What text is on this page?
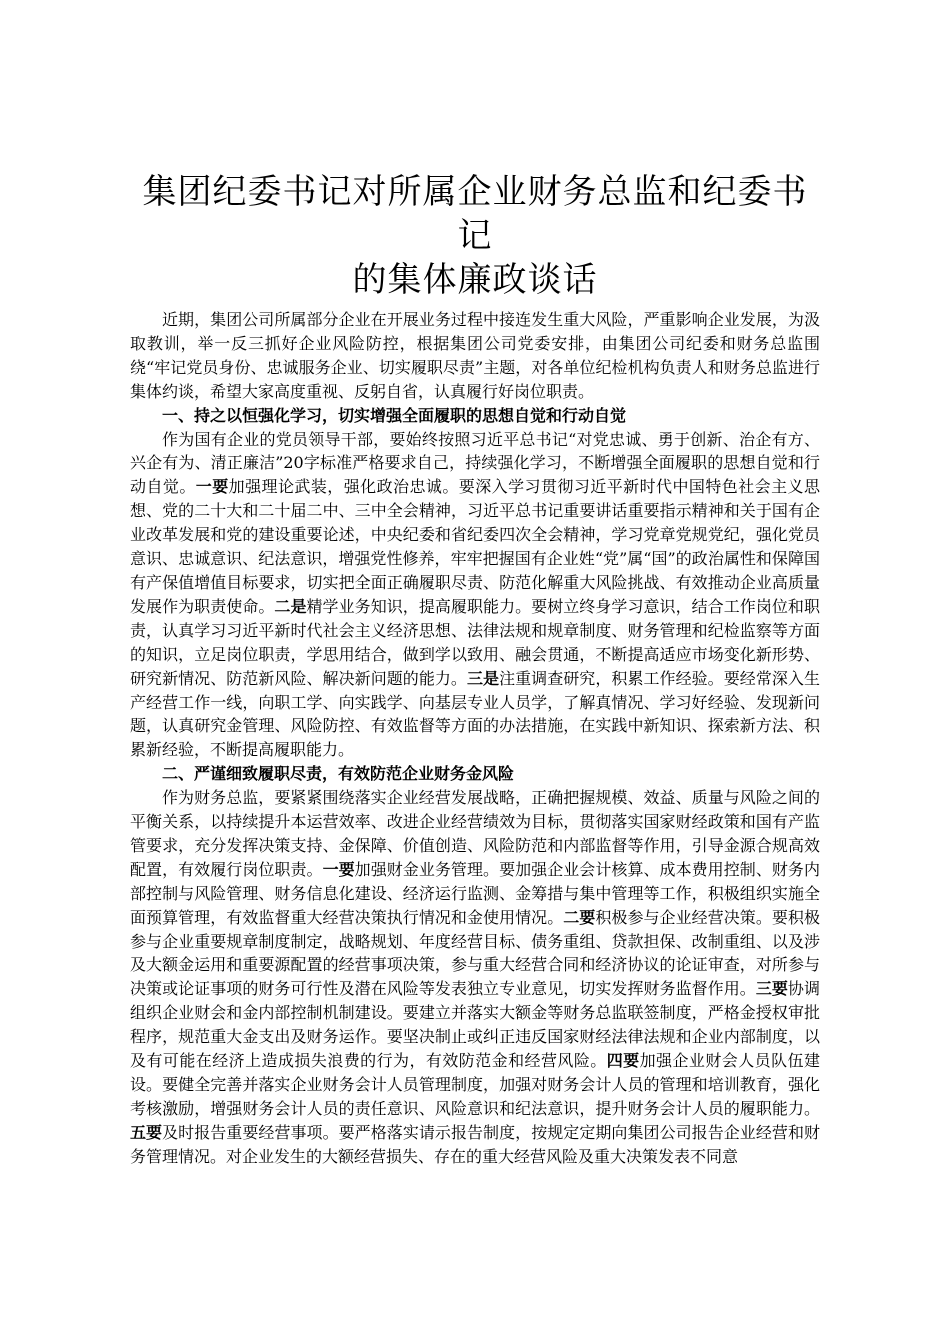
集团纪委书记对所属企业财务总监和纪委书记
的集体廉政谈话

近期，集团公司所属部分企业在开展业务过程中接连发生重大风险，严重影响企业发展，为汲取教训，举一反三抓好企业风险防控，根据集团公司党委安排，由集团公司纪委和财务总监围绕“牢记党员身份、忠诚服务企业、切实履职尽责”主题，对各单位纪检机构负责人和财务总监进行集体约谈，希望大家高度重视、反躬自省，认真履行好岗位职责。

一、持之以恒强化学习，切实增强全面履职的思想自觉和行动自觉

作为国有企业的党员领导干部，要始终按照习近平总书记“对党忠诚、勇于创新、治企有方、兴企有为、清正廉洁”20字标准严格要求自己，持续强化学习，不断增强全面履职的思想自觉和行动自觉。一要加强理论武装，强化政治忠诚。要深入学习贯彻习近平新时代中国特色社会主义思想、党的二十大和二十届二中、三中全会精神，习近平总书记重要讲话重要指示精神和关于国有企业改革发展和党的建设重要论述，中央纪委和省纪委四次全会精神，学习党章党规党纪，强化党员意识、忠诚意识、纪法意识，增强党性修养，牢牢把握国有企业姓“党”属“国”的政治属性和保障国有产保值增值目标要求，切实把全面正确履职尽责、防范化解重大风险挑战、有效推动企业高质量发展作为职责使命。二是精学业务知识，提高履职能力。要树立终身学习意识，结合工作岗位和职责，认真学习习近平新时代社会主义经济思想、法律法规和规章制度、财务管理和纪检监察等方面的知识，立足岗位职责，学思用结合，做到学以致用、融会贯通，不断提高适应市场变化新形势、研究新情况、防范新风险、解决新问题的能力。三是注重调查研究，积累工作经验。要经常深入生产经营工作一线，向职工学、向实践学、向基层专业人员学，了解真情况、学习好经验、发现新问题，认真研究金管理、风险防控、有效监督等方面的办法措施，在实践中新知识、探索新方法、积累新经验，不断提高履职能力。

二、严谨细致履职尽责，有效防范企业财务金风险

作为财务总监，要紧紧围绕落实企业经营发展战略，正确把握规模、效益、质量与风险之间的平衡关系，以持续提升本运营效率、改进企业经营绩效为目标，贯彻落实国家财经政策和国有产监管要求，充分发挥决策支持、金保障、价值创造、风险防范和内部监督等作用，引导金源合规高效配置，有效履行岗位职责。一要加强财金业务管理。要加强企业会计核算、成本费用控制、财务内部控制与风险管理、财务信息化建设、经济运行监测、金筹措与集中管理等工作，积极组织实施全面预算管理，有效监督重大经营决策执行情况和金使用情况。二要积极参与企业经营决策。要积极参与企业重要规章制度制定，战略规划、年度经营目标、债务重组、贷款担保、改制重组、以及涉及大额金运用和重要源配置的经营事项决策，参与重大经营合同和经济协议的论证审查，对所参与决策或论证事项的财务可行性及潜在风险等发表独立专业意见，切实发挥财务监督作用。三要协调组织企业财会和金内部控制机制建设。要建立并落实大额金等财务总监联签制度，严格金授权审批程序，规范重大金支出及财务运作。要坚决制止或纠正违反国家财经法律法规和企业内部制度，以及有可能在经济上造成损失浪费的行为，有效防范金和经营风险。四要加强企业财会人员队伍建设。要健全完善并落实企业财务会计人员管理制度，加强对财务会计人员的管理和培训教育，强化考核激励，增强财务会计人员的责任意识、风险意识和纪法意识，提升财务会计人员的履职能力。五要及时报告重要经营事项。要严格落实请示报告制度，按规定定期向集团公司报告企业经营和财务管理情况。对企业发生的大额经营损失、存在的重大经营风险及重大决策发表不同意
